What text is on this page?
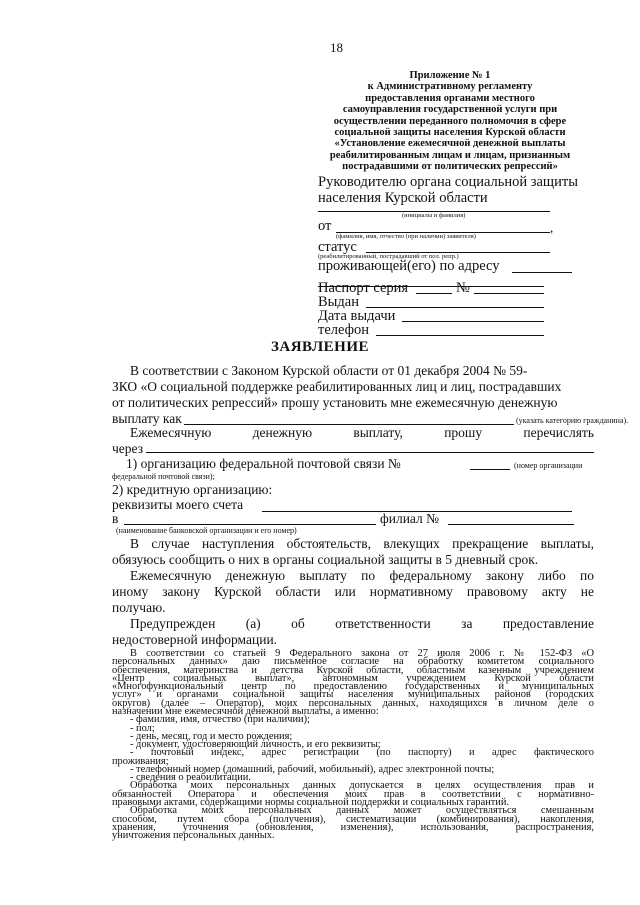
18
Приложение № 1
к Административному регламенту
предоставления органами местного
самоуправления государственной услуги при
осуществлении переданного полномочия в сфере
социальной защиты населения Курской области
«Установление ежемесячной денежной выплаты
реабилитированным лицам и лицам, признанным
пострадавшими от политических репрессий»
Руководителю органа социальной защиты
населения Курской области
(инициалы и фамилия)
от	,
(фамилия, имя, отчество (при наличии) заявителя)
статус
(реабилитированный, пострадавший от пол. репр.)
проживающей(его) по адресу
Паспорт серия	№
Выдан
Дата выдачи
телефон
ЗАЯВЛЕНИЕ
В соответствии с Законом Курской области от 01 декабря 2004 № 59-
ЗКО «О социальной поддержке реабилитированных лиц и лиц, пострадавших
от политических репрессий» прошу установить мне ежемесячную денежную
выплату как	(указать категорию гражданина).
Ежемесячную денежную выплату, прошу перечислять
через
1) организацию федеральной почтовой связи №	(номер организации
федеральной почтовой связи);
2) кредитную организацию:
реквизиты моего счета
в	филиал №
(наименование банковской организации и его номер)
В случае наступления обстоятельств, влекущих прекращение выплаты,
обязуюсь сообщить о них в органы социальной защиты в 5 дневный срок.
Ежемесячную денежную выплату по федеральному закону либо по
иному закону Курской области или нормативному правовому акту не
получаю.
Предупрежден (а) об ответственности за предоставление
недостоверной информации.
В соответствии со статьей 9 Федерального закона от 27 июля 2006 г. № 152-ФЗ «О
персональных данных» даю письменное согласие на обработку комитетом социального
обеспечения, материнства и детства Курской области, областным казенным учреждением
«Центр социальных выплат», автономным учреждением Курской области
«Многофункциональный центр по предоставлению государственных и муниципальных
услуг» и органами социальной защиты населения муниципальных районов (городских
округов) (далее – Оператор), моих персональных данных, находящихся в личном деле о
назначении мне ежемесячной денежной выплаты, а именно:
- фамилия, имя, отчество (при наличии);
- пол;
- день, месяц, год и место рождения;
- документ, удостоверяющий личность, и его реквизиты;
- почтовый индекс, адрес регистрации (по паспорту) и адрес фактического
проживания;
- телефонный номер (домашний, рабочий, мобильный), адрес электронной почты;
- сведения о реабилитации.
Обработка моих персональных данных допускается в целях осуществления прав и
обязанностей Оператора и обеспечения моих прав в соответствии с нормативно-
правовыми актами, содержащими нормы социальной поддержки и социальных гарантий.
Обработка моих персональных данных может осуществляться смешанным
способом, путем сбора (получения), систематизации (комбинирования), накопления,
хранения, уточнения (обновления, изменения), использования, распространения,
уничтожения персональных данных.
